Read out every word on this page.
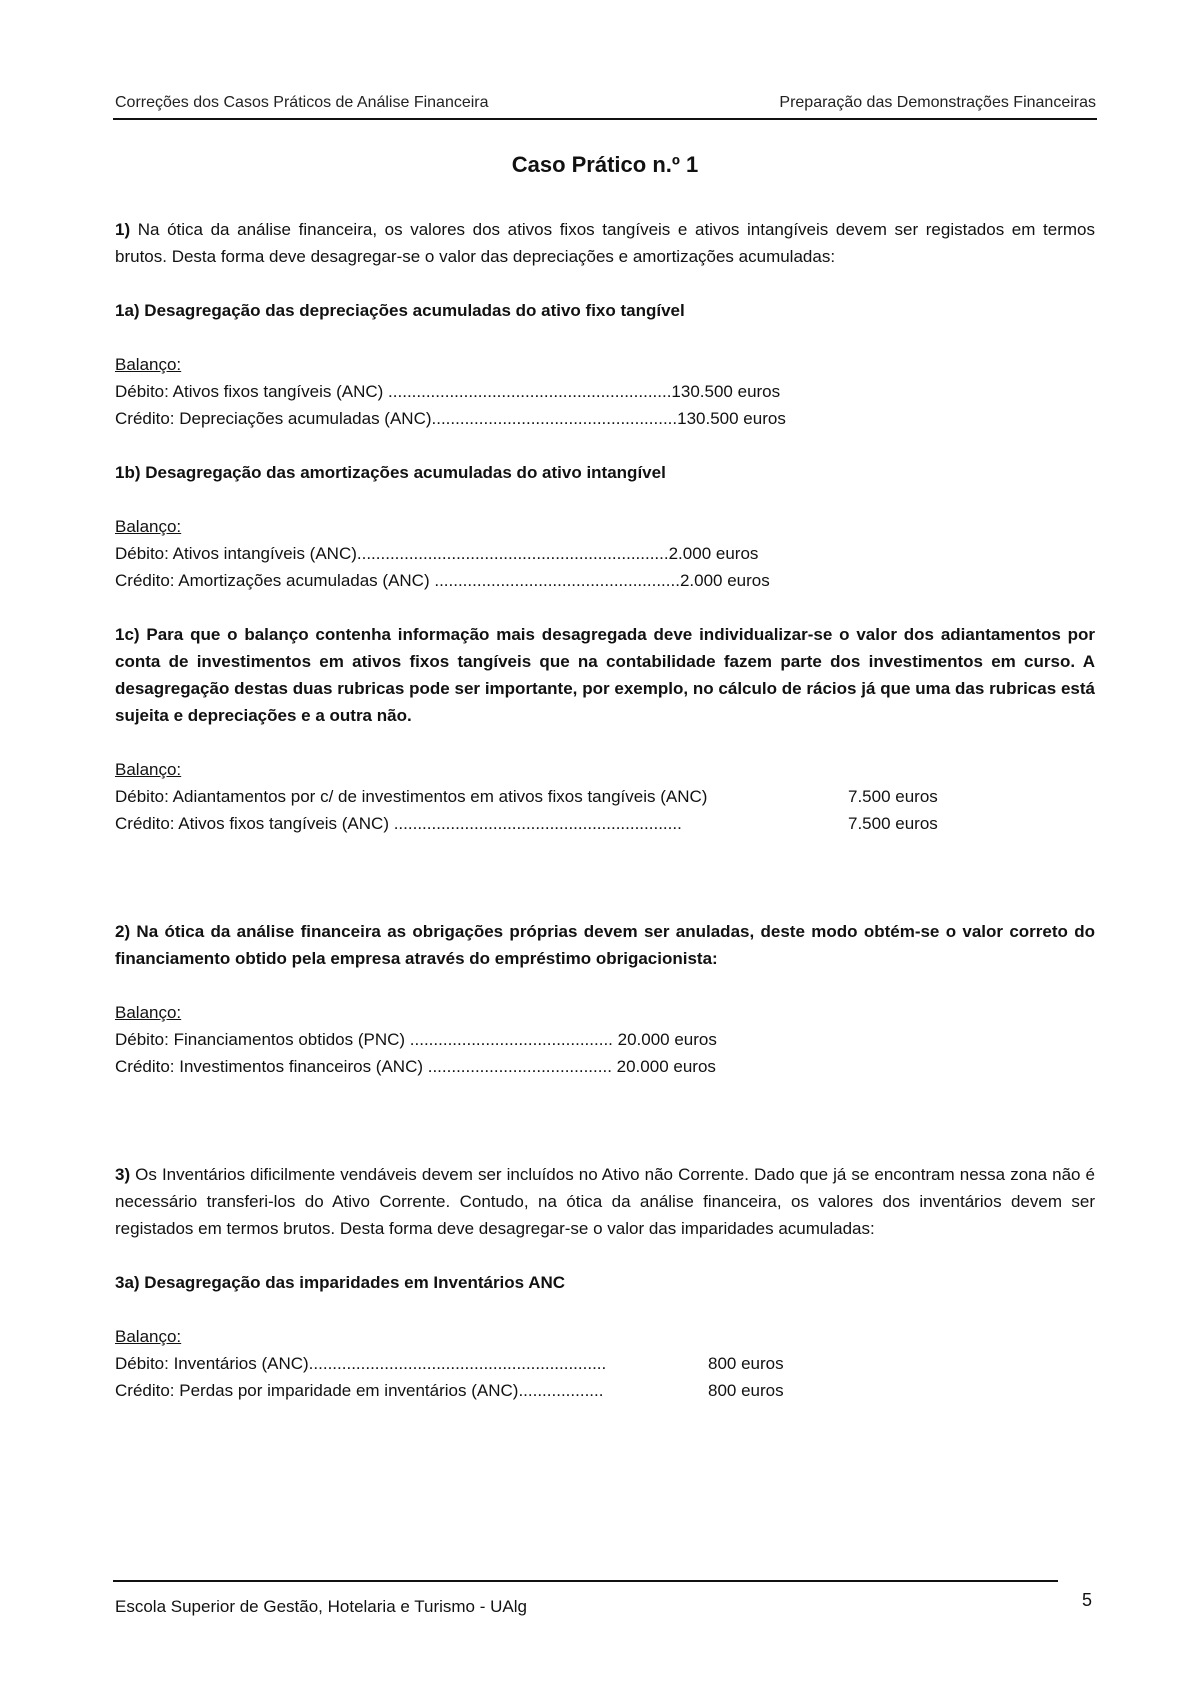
Correções dos Casos Práticos de Análise Financeira	Preparação das Demonstrações Financeiras
Caso Prático n.º 1

1) Na ótica da análise financeira, os valores dos ativos fixos tangíveis e ativos intangíveis devem ser registados em termos brutos. Desta forma deve desagregar-se o valor das depreciações e amortizações acumuladas:

1a) Desagregação das depreciações acumuladas do ativo fixo tangível

Balanço:

Débito: Ativos fixos tangíveis (ANC) ............................................................130.500 euros

Crédito: Depreciações acumuladas (ANC)....................................................130.500 euros

1b) Desagregação das amortizações acumuladas do ativo intangível

Balanço:

Débito: Ativos intangíveis (ANC)..................................................................2.000 euros

Crédito: Amortizações acumuladas (ANC) ....................................................2.000 euros

1c) Para que o balanço contenha informação mais desagregada deve individualizar-se o valor dos adiantamentos por conta de investimentos em ativos fixos tangíveis que na contabilidade fazem parte dos investimentos em curso. A desagregação destas duas rubricas pode ser importante, por exemplo, no cálculo de rácios já que uma das rubricas está sujeita e depreciações e a outra não.

Balanço:

Débito: Adiantamentos por c/ de investimentos em ativos fixos tangíveis (ANC)	7.500 euros

Crédito: Ativos fixos tangíveis (ANC) .............................................................	7.500 euros

2) Na ótica da análise financeira as obrigações próprias devem ser anuladas, deste modo obtém-se o valor correto do financiamento obtido pela empresa através do empréstimo obrigacionista:

Balanço:

Débito: Financiamentos obtidos (PNC) ........................................... 20.000 euros

Crédito: Investimentos financeiros (ANC) ....................................... 20.000 euros

3) Os Inventários dificilmente vendáveis devem ser incluídos no Ativo não Corrente. Dado que já se encontram nessa zona não é necessário transferi-los do Ativo Corrente. Contudo, na ótica da análise financeira, os valores dos inventários devem ser registados em termos brutos. Desta forma deve desagregar-se o valor das imparidades acumuladas:

3a) Desagregação das imparidades em Inventários ANC

Balanço:

Débito: Inventários (ANC)...............................................................	800 euros

Crédito: Perdas por imparidade em inventários (ANC)..................	800 euros

Escola Superior de Gestão, Hotelaria e Turismo - UAlg	5
